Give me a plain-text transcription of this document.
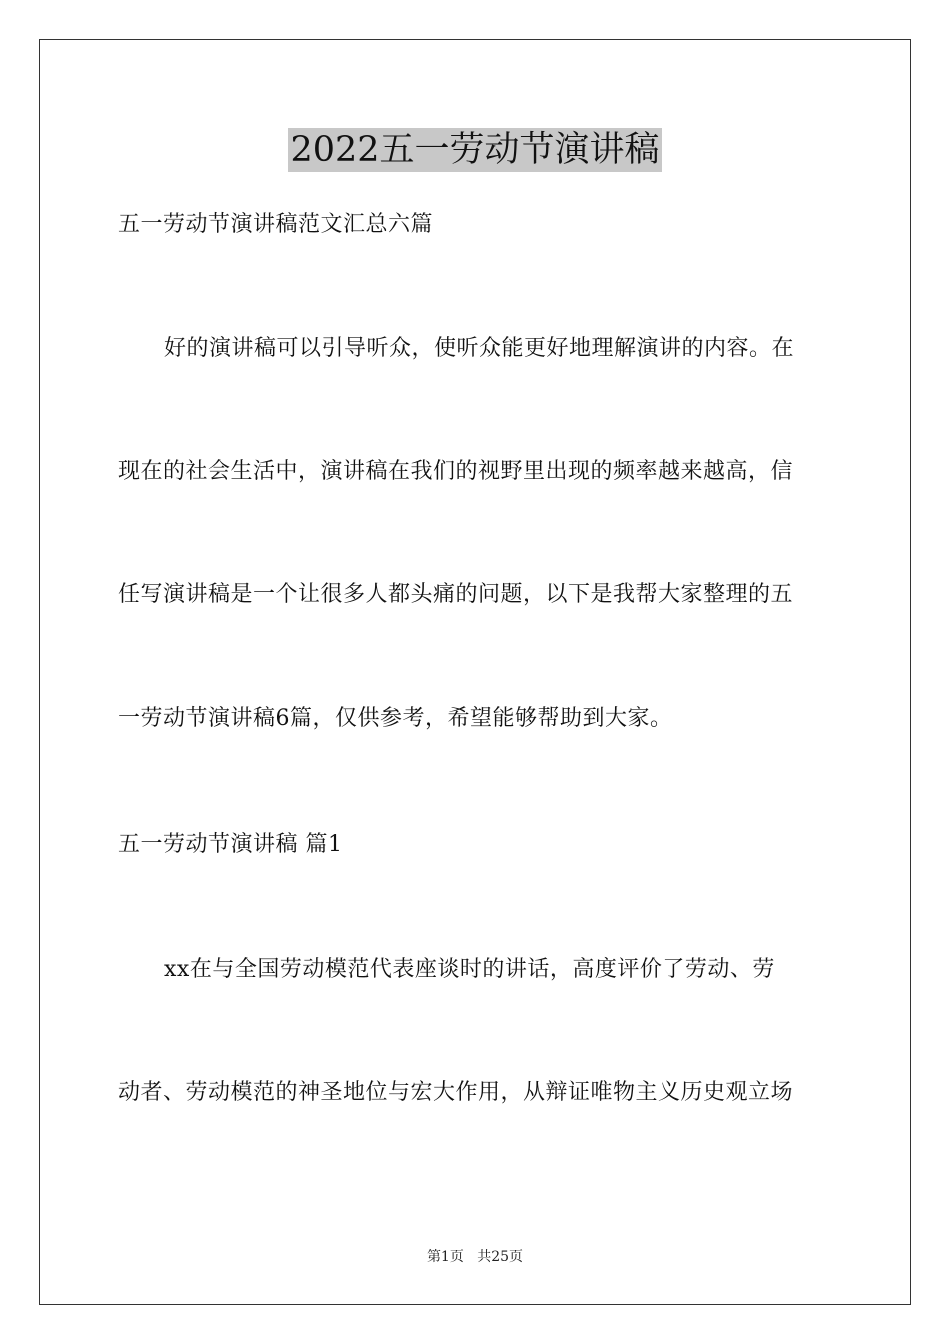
2022五一劳动节演讲稿
五一劳动节演讲稿范文汇总六篇
好的演讲稿可以引导听众，使听众能更好地理解演讲的内容。在
现在的社会生活中，演讲稿在我们的视野里出现的频率越来越高，信
任写演讲稿是一个让很多人都头痛的问题，以下是我帮大家整理的五
一劳动节演讲稿6篇，仅供参考，希望能够帮助到大家。
五一劳动节演讲稿 篇1
xx在与全国劳动模范代表座谈时的讲话，高度评价了劳动、劳
动者、劳动模范的神圣地位与宏大作用，从辩证唯物主义历史观立场
第1页 共25页
